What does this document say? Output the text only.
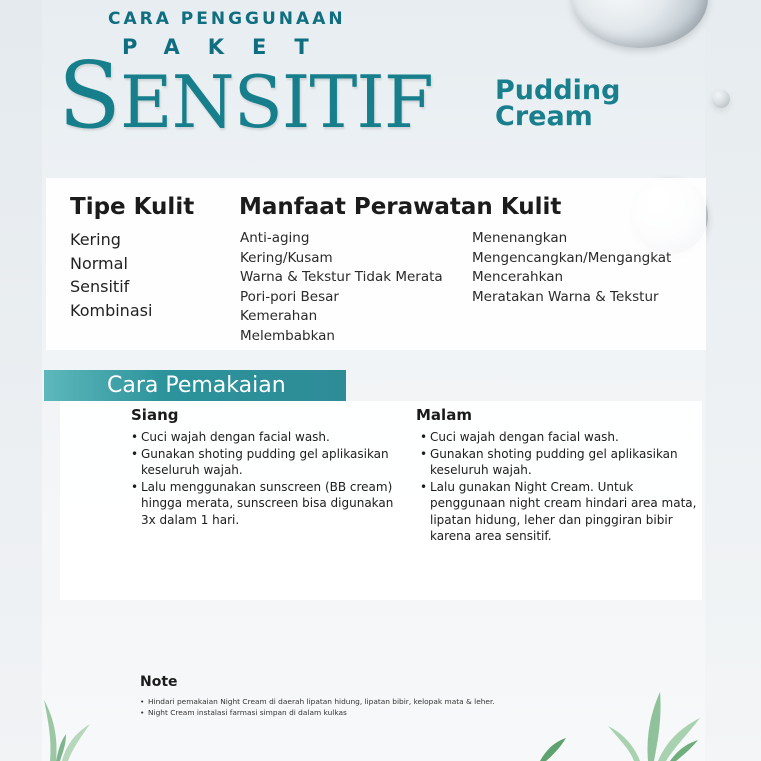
CARA PENGGUNAAN
PAKET
SENSITIF Pudding
Cream
Tipe Kulit
Kering
Normal
Sensitif
Kombinasi
Manfaat Perawatan Kulit
Anti-aging
Kering/Kusam
Warna & Tekstur Tidak Merata
Pori-pori Besar
Kemerahan
Melembabkan
Menenangkan
Mengencangkan/Mengangkat
Mencerahkan
Meratakan Warna & Tekstur
Cara Pemakaian
Siang
• Cuci wajah dengan facial wash.
• Gunakan shoting pudding gel aplikasikan keseluruh wajah.
• Lalu menggunakan sunscreen (BB cream) hingga merata, sunscreen bisa digunakan 3x dalam 1 hari.
Malam
• Cuci wajah dengan facial wash.
• Gunakan shoting pudding gel aplikasikan keseluruh wajah.
• Lalu gunakan Night Cream. Untuk penggunaan night cream hindari area mata, lipatan hidung, leher dan pinggiran bibir karena area sensitif.
Note
• Hindari pemakaian Night Cream di daerah lipatan hidung, lipatan bibir, kelopak mata & leher.
• Night Cream instalasi farmasi simpan di dalam kulkas
